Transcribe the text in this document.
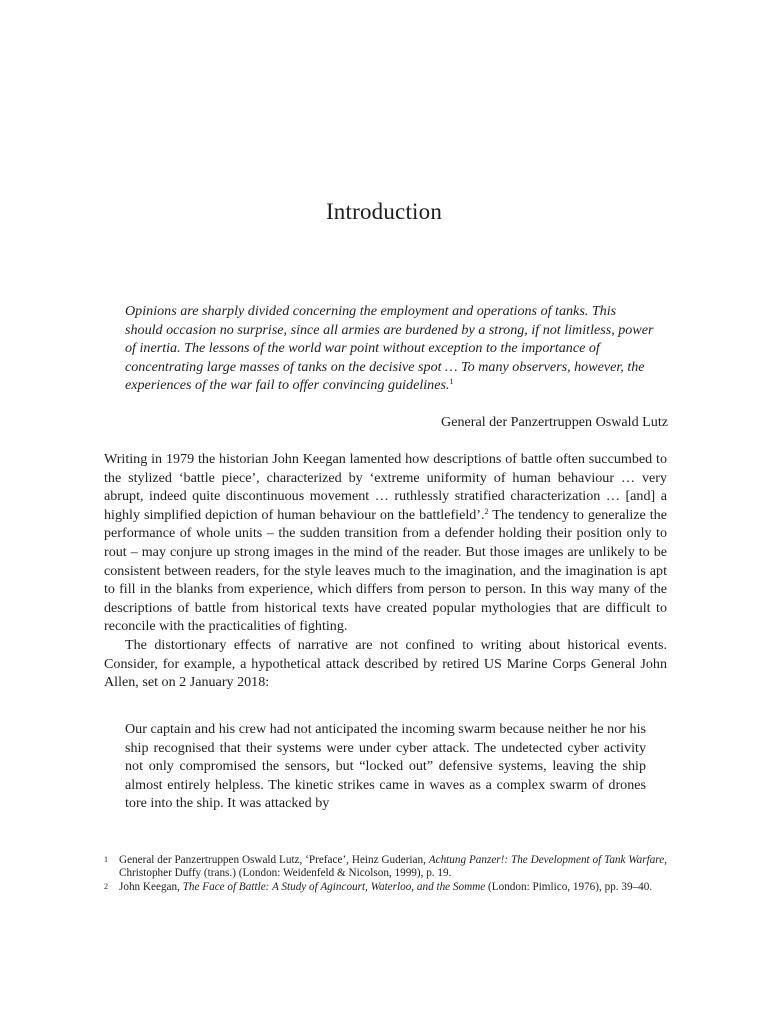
Introduction
Opinions are sharply divided concerning the employment and operations of tanks. This should occasion no surprise, since all armies are burdened by a strong, if not limitless, power of inertia. The lessons of the world war point without exception to the importance of concentrating large masses of tanks on the decisive spot … To many observers, however, the experiences of the war fail to offer convincing guidelines.$^1$
General der Panzertruppen Oswald Lutz

Writing in 1979 the historian John Keegan lamented how descriptions of battle often succumbed to the stylized ‘battle piece’, characterized by ‘extreme uniformity of human behaviour … very abrupt, indeed quite discontinuous movement … ruthlessly stratified characterization … [and] a highly simplified depiction of human behaviour on the battlefield’.$^2$ The tendency to generalize the performance of whole units – the sudden transition from a defender holding their position only to rout – may conjure up strong images in the mind of the reader. But those images are unlikely to be consistent between readers, for the style leaves much to the imagination, and the imagination is apt to fill in the blanks from experience, which differs from person to person. In this way many of the descriptions of battle from historical texts have created popular mythologies that are difficult to reconcile with the practicalities of fighting.

The distortionary effects of narrative are not confined to writing about historical events. Consider, for example, a hypothetical attack described by retired US Marine Corps General John Allen, set on 2 January 2018:

Our captain and his crew had not anticipated the incoming swarm because neither he nor his ship recognised that their systems were under cyber attack. The undetected cyber activity not only compromised the sensors, but “locked out” defensive systems, leaving the ship almost entirely helpless. The kinetic strikes came in waves as a complex swarm of drones tore into the ship. It was attacked by
1 General der Panzertruppen Oswald Lutz, ‘Preface’, Heinz Guderian, Achtung Panzer!: The Development of Tank Warfare, Christopher Duffy (trans.) (London: Weidenfeld & Nicolson, 1999), p. 19.
2 John Keegan, The Face of Battle: A Study of Agincourt, Waterloo, and the Somme (London: Pimlico, 1976), pp. 39–40.
